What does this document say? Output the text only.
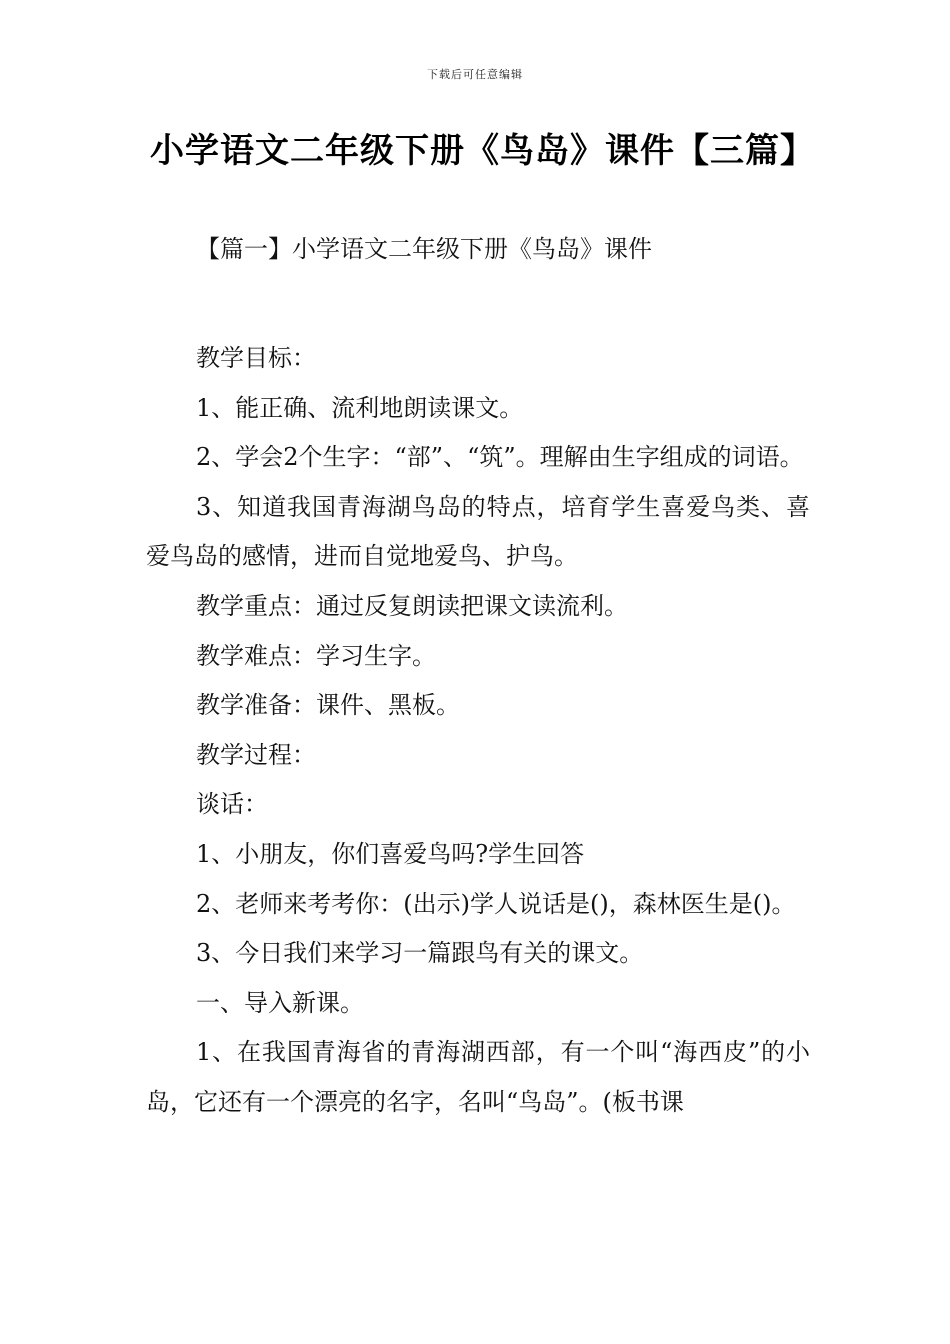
下载后可任意编辑
小学语文二年级下册《鸟岛》课件【三篇】
【篇一】小学语文二年级下册《鸟岛》课件

教学目标：

1、能正确、流利地朗读课文。

2、学会2个生字：“部”、“筑”。理解由生字组成的词语。

3、知道我国青海湖鸟岛的特点，培育学生喜爱鸟类、喜爱鸟岛的感情，进而自觉地爱鸟、护鸟。

教学重点：通过反复朗读把课文读流利。

教学难点：学习生字。

教学准备：课件、黑板。

教学过程：

谈话：

1、小朋友，你们喜爱鸟吗?学生回答

2、老师来考考你：(出示)学人说话是()，森林医生是()。

3、今日我们来学习一篇跟鸟有关的课文。

一、导入新课。

1、在我国青海省的青海湖西部，有一个叫“海西皮”的小岛，它还有一个漂亮的名字，名叫“鸟岛”。(板书课
